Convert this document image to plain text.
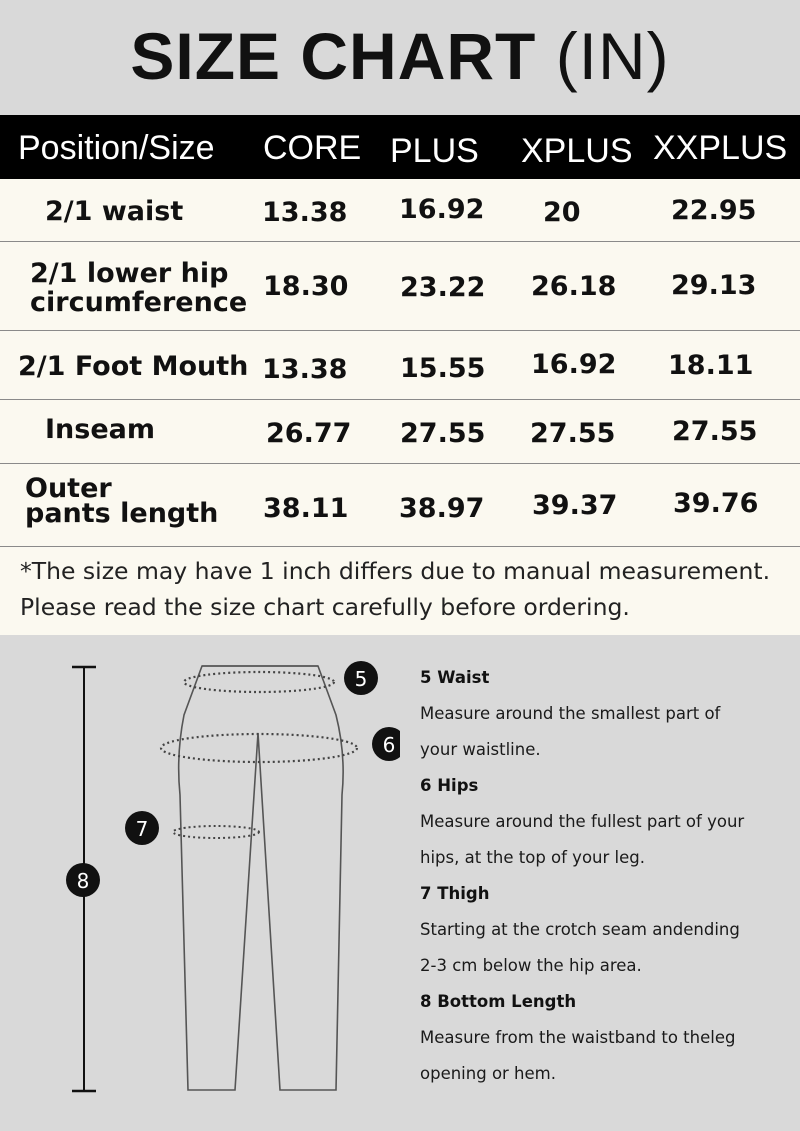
SIZE CHART (IN)
Position/Size CORE PLUS XPLUS XXPLUS
2/1 waist	13.38 16.92 20	22.95
2/1 lower hip
circumference
18.30 23.22 26.18 29.13
2/1 Foot Mouth 13.38 15.55 16.92 18.11
Inseam	26.77 27.55 27.55 27.55
Outer
pants length 38.11 38.97 39.37 39.76
*The size may have 1 inch differs due to manual measurement.
Please read the size chart carefully before ordering.
5
6
7
8
5 Waist
Measure around the smallest part of
your waistline.
6 Hips
Measure around the fullest part of your
hips, at the top of your leg.
7 Thigh
Starting at the crotch seam andending
2-3 cm below the hip area.
8 Bottom Length
Measure from the waistband to theleg
opening or hem.
